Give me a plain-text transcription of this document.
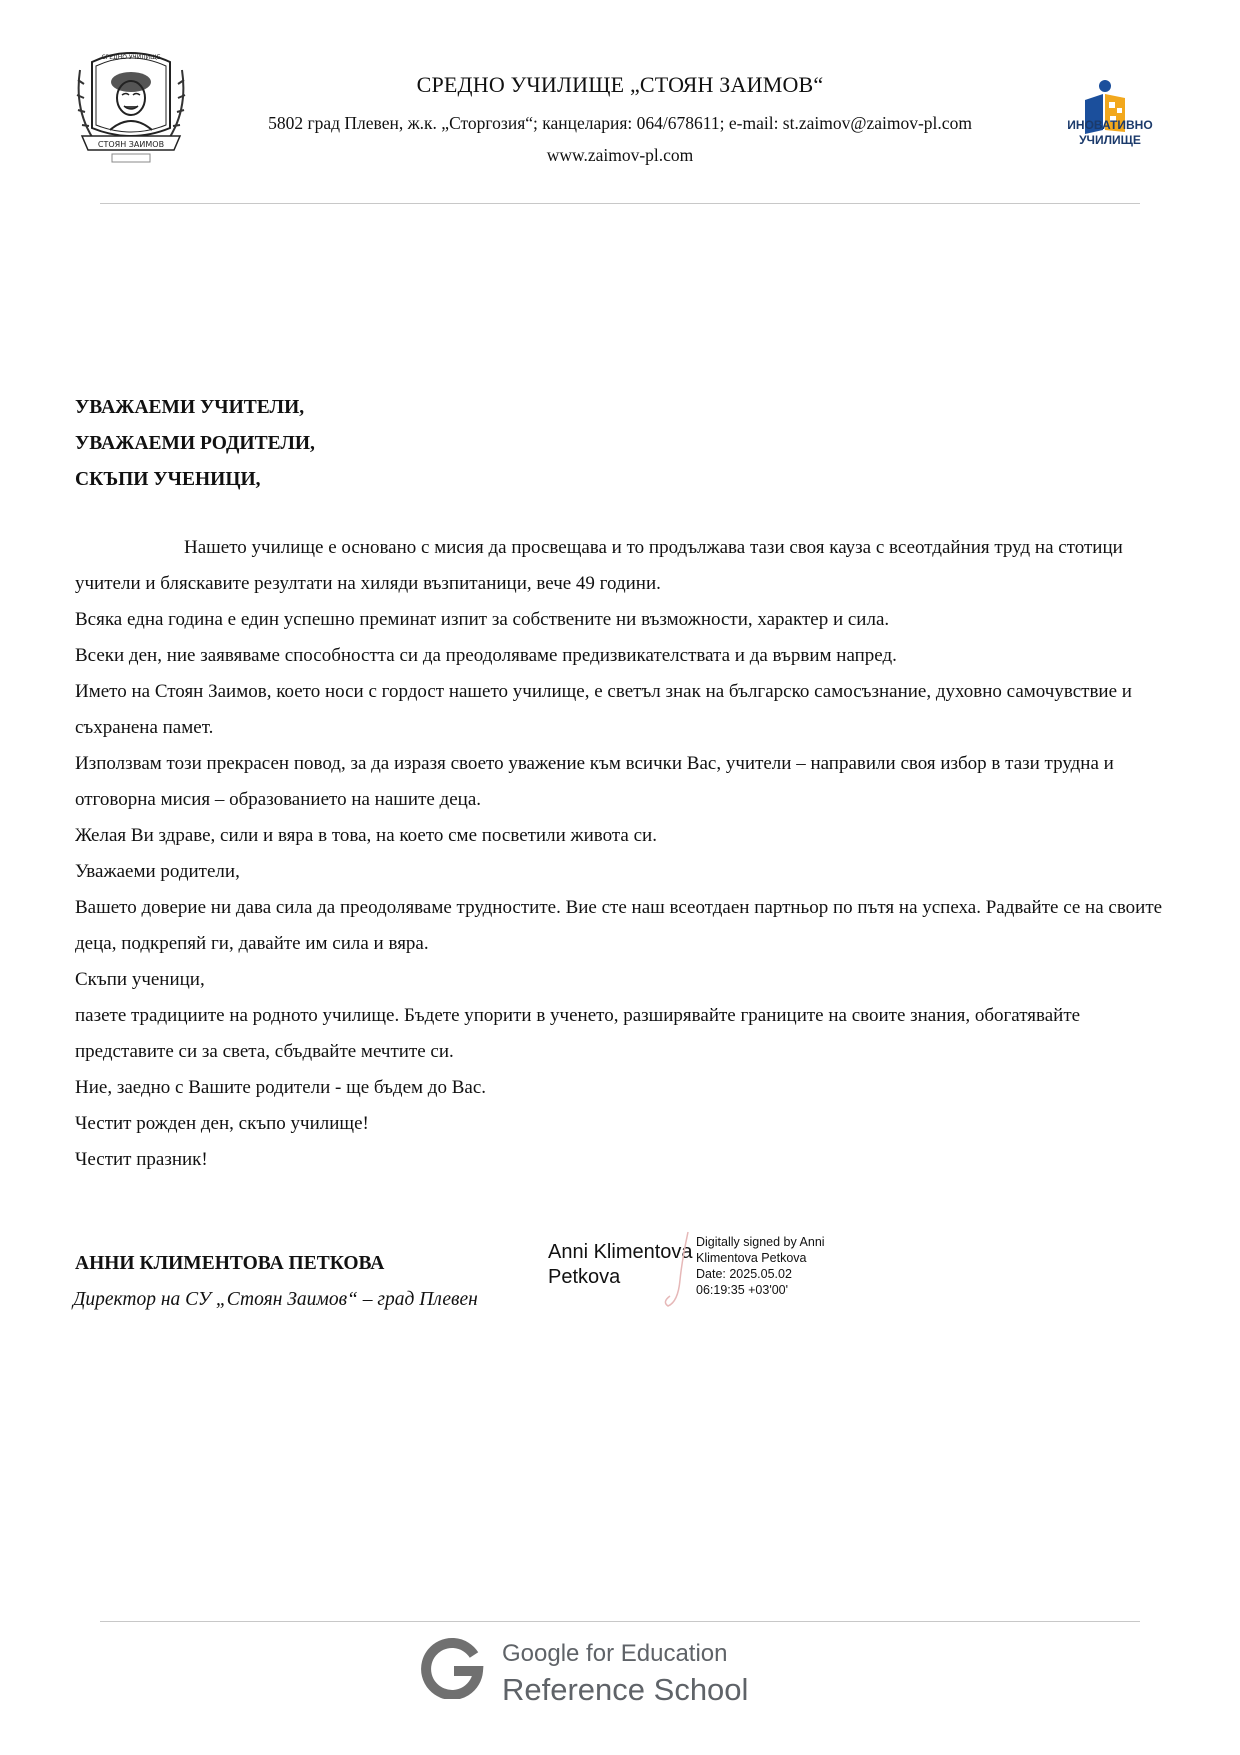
СТОЯН ЗАИМОВ
СРЕДНО УЧИЛИЩЕ
СРЕДНО УЧИЛИЩЕ „СТОЯН ЗАИМОВ“
5802 град Плевен, ж.к. „Сторгозия“; канцелария: 064/678611; e-mail: st.zaimov@zaimov-pl.com
www.zaimov-pl.com
ИНОВАТИВНО
УЧИЛИЩЕ
УВАЖАЕМИ УЧИТЕЛИ,
УВАЖАЕМИ РОДИТЕЛИ,
СКЪПИ УЧЕНИЦИ,

Нашето училище е основано с мисия да просвещава и то продължава тази своя кауза с всеотдайния труд на стотици учители и бляскавите резултати на хиляди възпитаници, вече 49 години.

Всяка една година е един успешно преминат изпит за собствените ни възможности, характер и сила.

Всеки ден, ние заявяваме способността си да преодоляваме предизвикателствата и да вървим напред.

Името на Стоян Заимов, което носи с гордост нашето училище, е светъл знак на българско самосъзнание, духовно самочувствие и съхранена памет.

Използвам този прекрасен повод, за да изразя своето уважение към всички Вас, учители – направили своя избор в тази трудна и отговорна мисия – образованието на нашите деца.

Желая Ви здраве, сили и вяра в това, на което сме посветили живота си.

Уважаеми родители,

Вашето доверие ни дава сила да преодоляваме трудностите. Вие сте наш всеотдаен партньор по пътя на успеха. Радвайте се на своите деца, подкрепяй ги, давайте им сила и вяра.

Скъпи ученици,

пазете традициите на родното училище. Бъдете упорити в ученето, разширявайте границите на своите знания, обогатявайте представите си за света, сбъдвайте мечтите си.

Ние, заедно с Вашите родители - ще бъдем до Вас.

Честит рожден ден, скъпо училище!

Честит празник!

АННИ КЛИМЕНТОВА ПЕТКОВА
Директор на СУ „Стоян Заимов“ – град Плевен
Anni Klimentova
Petkova
Digitally signed by Anni
Klimentova Petkova
Date: 2025.05.02
06:19:35 +03'00'
Google for Education
Reference School
